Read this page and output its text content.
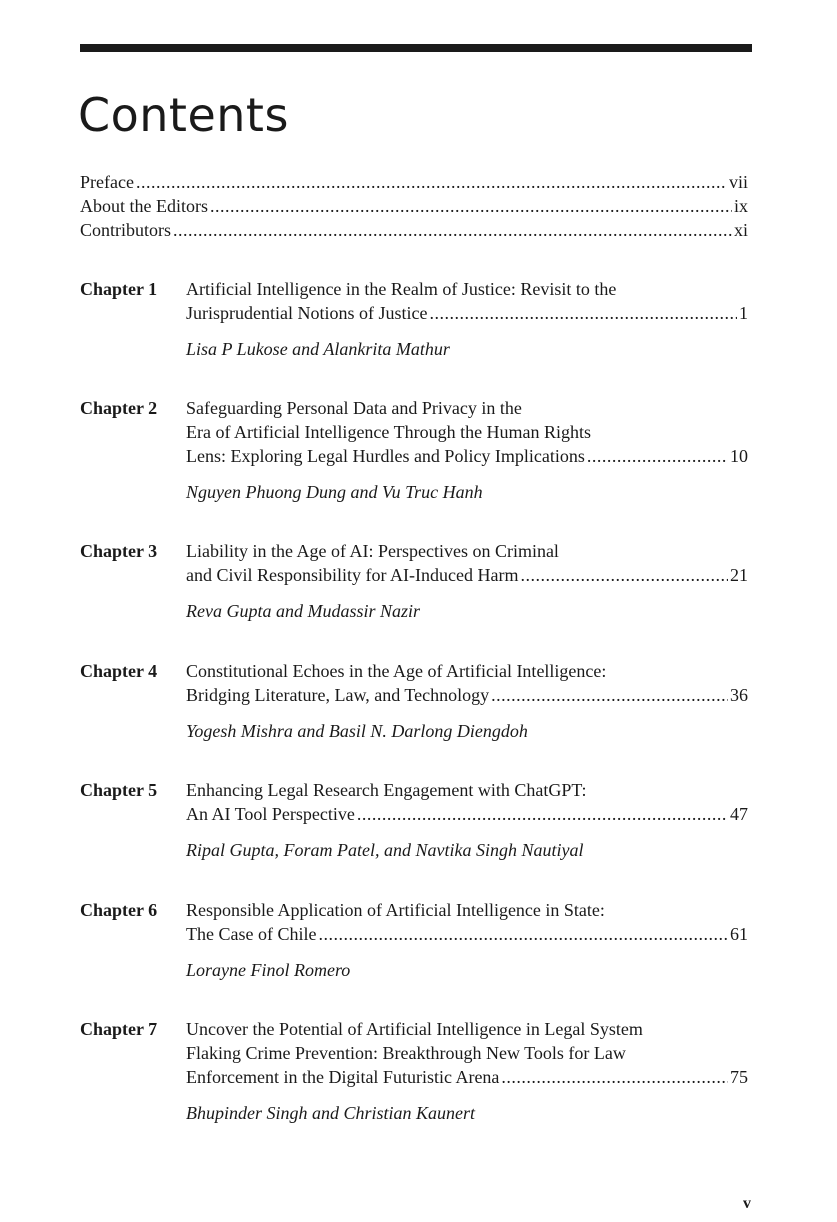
Contents
Preface .....	vii
About the Editors .....	ix
Contributors .....	xi
Chapter 1 Artificial Intelligence in the Realm of Justice: Revisit to the
Jurisprudential Notions of Justice .....	1
Lisa P Lukose and Alankrita Mathur
Chapter 2 Safeguarding Personal Data and Privacy in the
Era of Artificial Intelligence Through the Human Rights
Lens: Exploring Legal Hurdles and Policy Implications .....	10
Nguyen Phuong Dung and Vu Truc Hanh
Chapter 3 Liability in the Age of AI: Perspectives on Criminal
and Civil Responsibility for AI-Induced Harm .....	21
Reva Gupta and Mudassir Nazir
Chapter 4 Constitutional Echoes in the Age of Artificial Intelligence:
Bridging Literature, Law, and Technology .....	36
Yogesh Mishra and Basil N. Darlong Diengdoh
Chapter 5 Enhancing Legal Research Engagement with ChatGPT:
An AI Tool Perspective .....	47
Ripal Gupta, Foram Patel, and Navtika Singh Nautiyal
Chapter 6 Responsible Application of Artificial Intelligence in State:
The Case of Chile .....	61
Lorayne Finol Romero
Chapter 7 Uncover the Potential of Artificial Intelligence in Legal System
Flaking Crime Prevention: Breakthrough New Tools for Law
Enforcement in the Digital Futuristic Arena .....	75
Bhupinder Singh and Christian Kaunert
v
